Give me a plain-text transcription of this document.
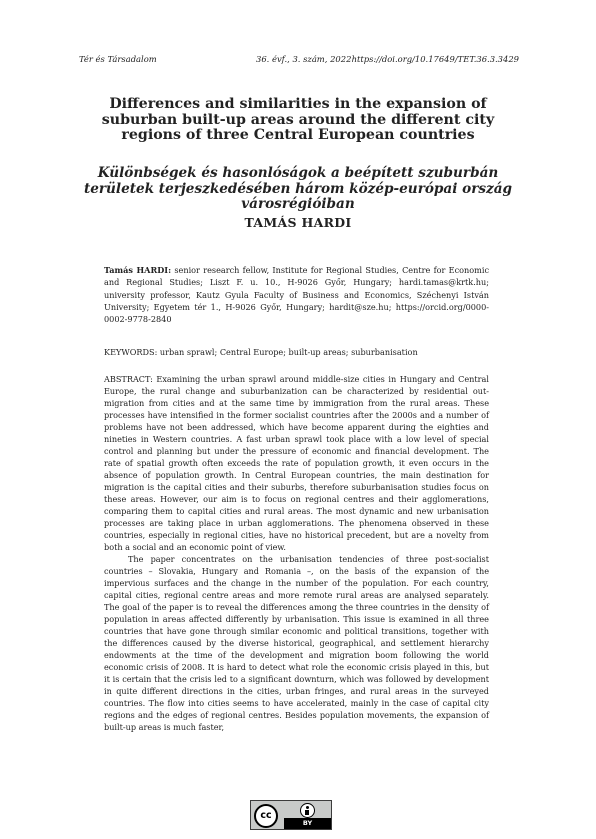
Tér és Társadalom	36. évf., 3. szám, 2022 https://doi.org/10.17649/TET.36.3.3429
Differences and similarities in the expansion of suburban built-up areas around the different city regions of three Central European countries
Különbségek és hasonlóságok a beépített szuburbán területek terjeszkedésében három közép-európai ország városrégióiban
TAMÁS HARDI
Tamás HARDI: senior research fellow, Institute for Regional Studies, Centre for Economic and Regional Studies; Liszt F. u. 10., H-9026 Győr, Hungary; hardi.tamas@krtk.hu; university professor, Kautz Gyula Faculty of Business and Economics, Széchenyi István University; Egyetem tér 1., H-9026 Győr, Hungary; hardit@sze.hu; https://orcid.org/0000-0002-9778-2840
KEYWORDS: urban sprawl; Central Europe; built-up areas; suburbanisation

ABSTRACT: Examining the urban sprawl around middle-size cities in Hungary and Central Europe, the rural change and suburbanization can be characterized by residential out-migration from cities and at the same time by immigration from the rural areas. These processes have intensified in the former socialist countries after the 2000s and a number of problems have not been addressed, which have become apparent during the eighties and nineties in Western countries. A fast urban sprawl took place with a low level of special control and planning but under the pressure of economic and financial development. The rate of spatial growth often exceeds the rate of population growth, it even occurs in the absence of population growth. In Central European countries, the main destination for migration is the capital cities and their suburbs, therefore suburbanisation studies focus on these areas. However, our aim is to focus on regional centres and their agglomerations, comparing them to capital cities and rural areas. The most dynamic and new urbanisation processes are taking place in urban agglomerations. The phenomena observed in these countries, especially in regional cities, have no historical precedent, but are a novelty from both a social and an economic point of view.

The paper concentrates on the urbanisation tendencies of three post-socialist countries – Slovakia, Hungary and Romania –, on the basis of the expansion of the impervious surfaces and the change in the number of the population. For each country, capital cities, regional centre areas and more remote rural areas are analysed separately. The goal of the paper is to reveal the differences among the three countries in the density of population in areas affected differently by urbanisation. This issue is examined in all three countries that have gone through similar economic and political transitions, together with the differences caused by the diverse historical, geographical, and settlement hierarchy endowments at the time of the development and migration boom following the world economic crisis of 2008. It is hard to detect what role the economic crisis played in this, but it is certain that the crisis led to a significant downturn, which was followed by development in quite different directions in the cities, urban fringes, and rural areas in the surveyed countries. The flow into cities seems to have accelerated, mainly in the case of capital city regions and the edges of regional centres. Besides population movements, the expansion of built-up areas is much faster,

cc
BY
